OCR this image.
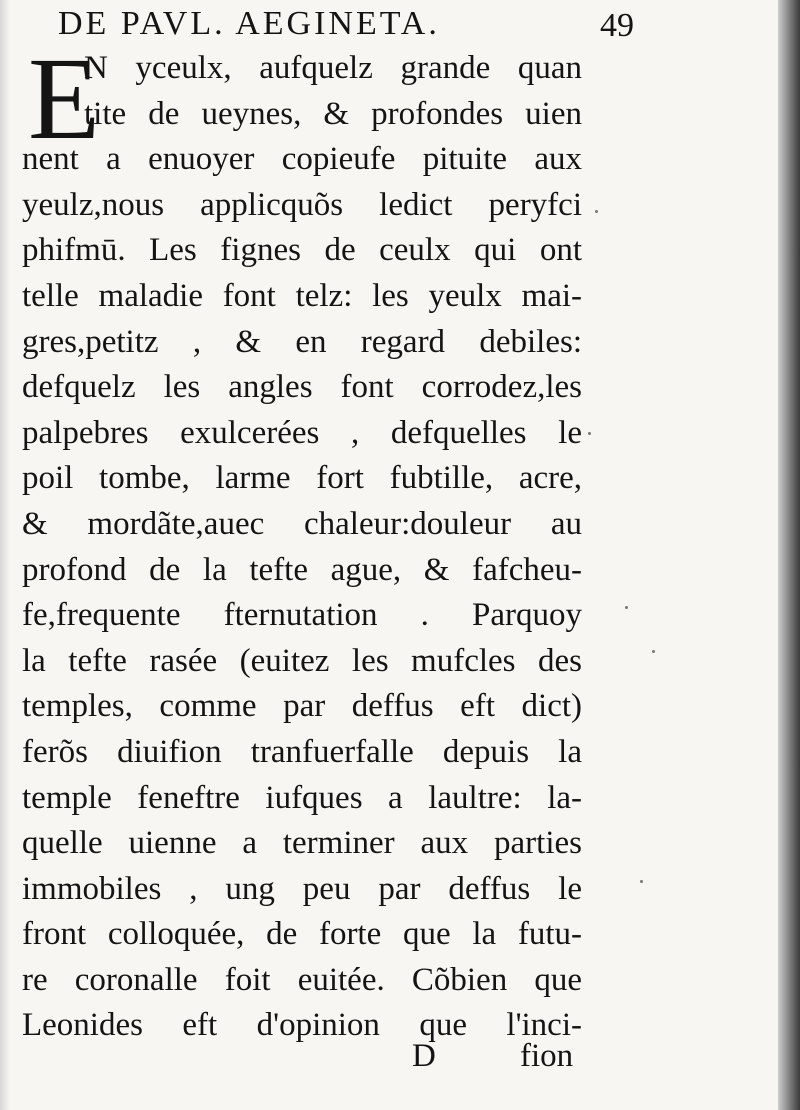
DE PAVL. AEGINETA.	49
E
N yceulx, aufquelz grande quan
tite de ueynes, & profondes uien
nent a enuoyer copieufe pituite aux
yeulz,nous applicquõs ledict peryfci
phifmū. Les fignes de ceulx qui ont
telle maladie font telz: les yeulx mai-
gres,petitz , & en regard debiles:
defquelz les angles font corrodez,les
palpebres exulcerées , defquelles le
poil tombe, larme fort fubtille, acre,
& mordãte,auec chaleur:douleur au
profond de la tefte ague, & fafcheu-
fe,frequente fternutation . Parquoy
la tefte rasée (euitez les mufcles des
temples, comme par deffus eft dict)
ferõs diuifion tranfuerfalle depuis la
temple feneftre iufques a laultre: la-
quelle uienne a terminer aux parties
immobiles , ung peu par deffus le
front colloquée, de forte que la futu-
re coronalle foit euitée. Cõbien que
Leonides eft d'opinion que l'inci-
D	fion
